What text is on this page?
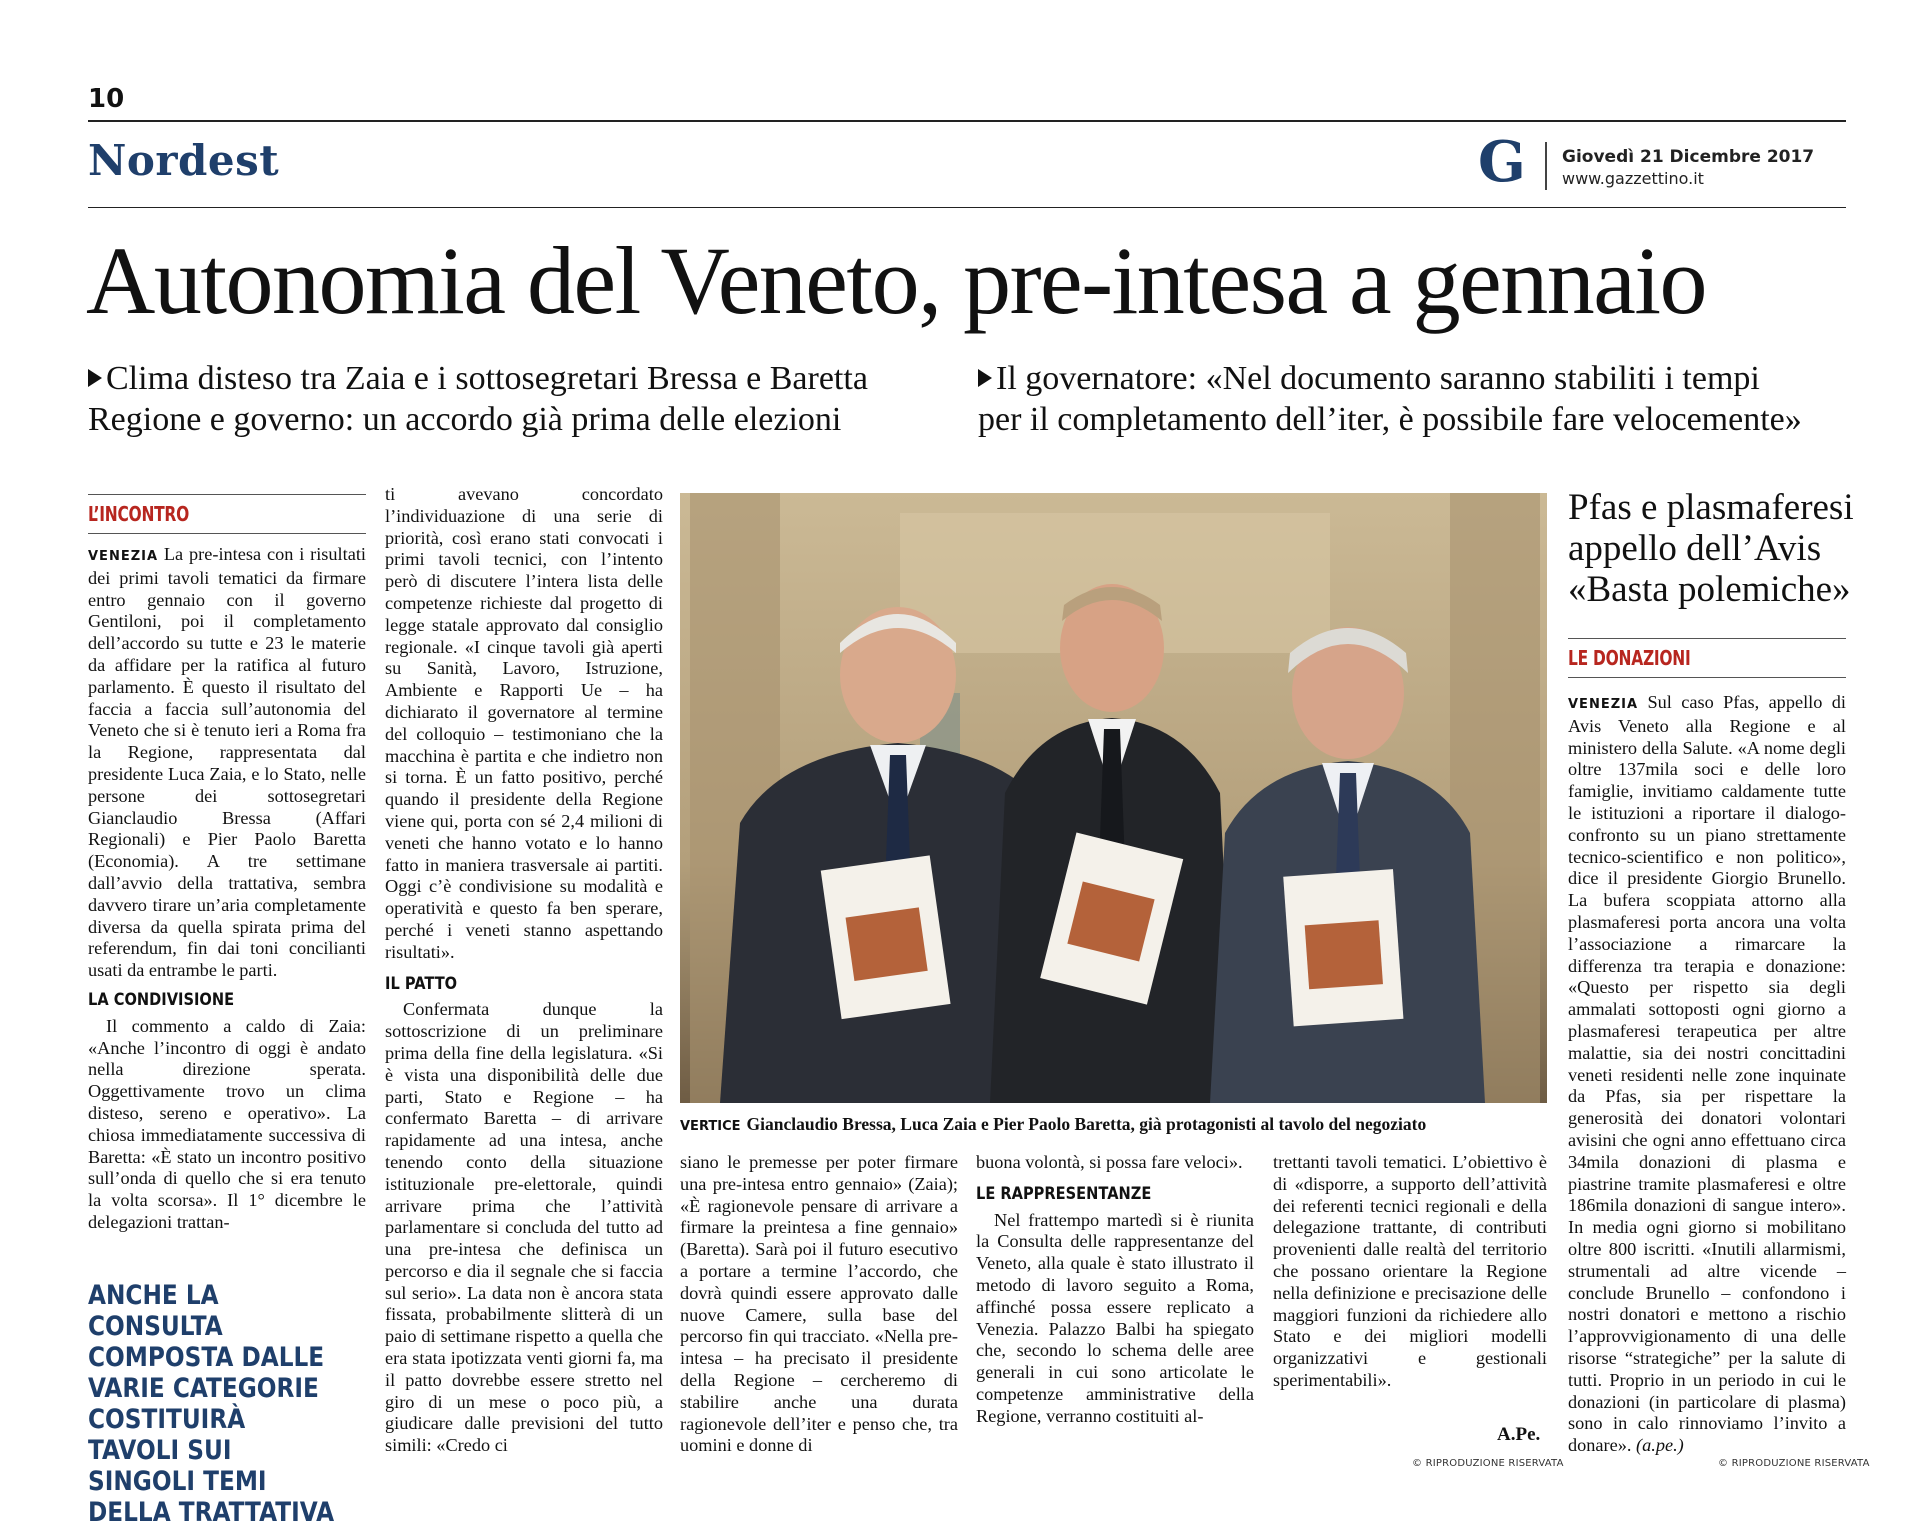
10
Nordest	G Giovedì 21 Dicembre 2017
www.gazzettino.it
Autonomia del Veneto, pre-intesa a gennaio
Clima disteso tra Zaia e i sottosegretari Bressa e Baretta
Regione e governo: un accordo già prima delle elezioni
Il governatore: «Nel documento saranno stabiliti i tempi
per il completamento dell’iter, è possibile fare velocemente»
L’INCONTRO

VENEZIA La pre-intesa con i risultati dei primi tavoli tematici da firmare entro gennaio con il governo Gentiloni, poi il completamento dell’accordo su tutte e 23 le materie da affidare per la ratifica al futuro parlamento. È questo il risultato del faccia a faccia sull’autonomia del Veneto che si è tenuto ieri a Roma fra la Regione, rappresentata dal presidente Luca Zaia, e lo Stato, nelle persone dei sottosegretari Gianclaudio Bressa (Affari Regionali) e Pier Paolo Baretta (Economia). A tre settimane dall’avvio della trattativa, sembra davvero tirare un’aria completamente diversa da quella spirata prima del referendum, fin dai toni concilianti usati da entrambe le parti.

LA CONDIVISIONE

Il commento a caldo di Zaia: «Anche l’incontro di oggi è andato nella direzione sperata. Oggettivamente trovo un clima disteso, sereno e operativo». La chiosa immediatamente successiva di Baretta: «È stato un incontro positivo sull’onda di quello che si era tenuto la volta scorsa». Il 1° dicembre le delegazioni trattan-

ANCHE LA CONSULTA COMPOSTA DALLE VARIE CATEGORIE COSTITUIRÀ TAVOLI SUI SINGOLI TEMI DELLA TRATTATIVA

ti avevano concordato l’individuazione di una serie di priorità, così erano stati convocati i primi tavoli tecnici, con l’intento però di discutere l’intera lista delle competenze richieste dal progetto di legge statale approvato dal consiglio regionale. «I cinque tavoli già aperti su Sanità, Lavoro, Istruzione, Ambiente e Rapporti Ue – ha dichiarato il governatore al termine del colloquio – testimoniano che la macchina è partita e che indietro non si torna. È un fatto positivo, perché quando il presidente della Regione viene qui, porta con sé 2,4 milioni di veneti che hanno votato e lo hanno fatto in maniera trasversale ai partiti. Oggi c’è condivisione su modalità e operatività e questo fa ben sperare, perché i veneti stanno aspettando risultati».

IL PATTO

Confermata dunque la sottoscrizione di un preliminare prima della fine della legislatura. «Si è vista una disponibilità delle due parti, Stato e Regione – ha confermato Baretta – di arrivare rapidamente ad una intesa, anche tenendo conto della situazione istituzionale pre-elettorale, quindi arrivare prima che l’attività parlamentare si concluda del tutto ad una pre-intesa che definisca un percorso e dia il segnale che si faccia sul serio». La data non è ancora stata fissata, probabilmente slitterà di un paio di settimane rispetto a quella che era stata ipotizzata venti giorni fa, ma il patto dovrebbe essere stretto nel giro di un mese o poco più, a giudicare dalle previsioni del tutto simili: «Credo ci

VERTICE Gianclaudio Bressa, Luca Zaia e Pier Paolo Baretta, già protagonisti al tavolo del negoziato

siano le premesse per poter firmare una pre-intesa entro gennaio» (Zaia); «È ragionevole pensare di arrivare a firmare la preintesa a fine gennaio» (Baretta). Sarà poi il futuro esecutivo a portare a termine l’accordo, che dovrà quindi essere approvato dalle nuove Camere, sulla base del percorso fin qui tracciato. «Nella pre-intesa – ha precisato il presidente della Regione – cercheremo di stabilire anche una durata ragionevole dell’iter e penso che, tra uomini e donne di

buona volontà, si possa fare veloci».

LE RAPPRESENTANZE

Nel frattempo martedì si è riunita la Consulta delle rappresentanze del Veneto, alla quale è stato illustrato il metodo di lavoro seguito a Roma, affinché possa essere replicato a Venezia. Palazzo Balbi ha spiegato che, secondo lo schema delle aree generali in cui sono articolate le competenze amministrative della Regione, verranno costituiti al-

trettanti tavoli tematici. L’obiettivo è di «disporre, a supporto dell’attività dei referenti tecnici regionali e della delegazione trattante, di contributi provenienti dalle realtà del territorio che possano orientare la Regione nella definizione e precisazione delle maggiori funzioni da richiedere allo Stato e dei migliori modelli organizzativi e gestionali sperimentabili».

A.Pe.
© RIPRODUZIONE RISERVATA
Pfas e plasmaferesi appello dell’Avis «Basta polemiche»
LE DONAZIONI

VENEZIA Sul caso Pfas, appello di Avis Veneto alla Regione e al ministero della Salute. «A nome degli oltre 137mila soci e delle loro famiglie, invitiamo caldamente tutte le istituzioni a riportare il dialogo-confronto su un piano strettamente tecnico-scientifico e non politico», dice il presidente Giorgio Brunello. La bufera scoppiata attorno alla plasmaferesi porta ancora una volta l’associazione a rimarcare la differenza tra terapia e donazione: «Questo per rispetto sia degli ammalati sottoposti ogni giorno a plasmaferesi terapeutica per altre malattie, sia dei nostri concittadini veneti residenti nelle zone inquinate da Pfas, sia per rispettare la generosità dei donatori volontari avisini che ogni anno effettuano circa 34mila donazioni di plasma e piastrine tramite plasmaferesi e oltre 186mila donazioni di sangue intero». In media ogni giorno si mobilitano oltre 800 iscritti. «Inutili allarmismi, strumentali ad altre vicende – conclude Brunello – confondono i nostri donatori e mettono a rischio l’approvvigionamento di una delle risorse “strategiche” per la salute di tutti. Proprio in un periodo in cui le donazioni (in particolare di plasma) sono in calo rinnoviamo l’invito a donare». (a.pe.)

© RIPRODUZIONE RISERVATA
